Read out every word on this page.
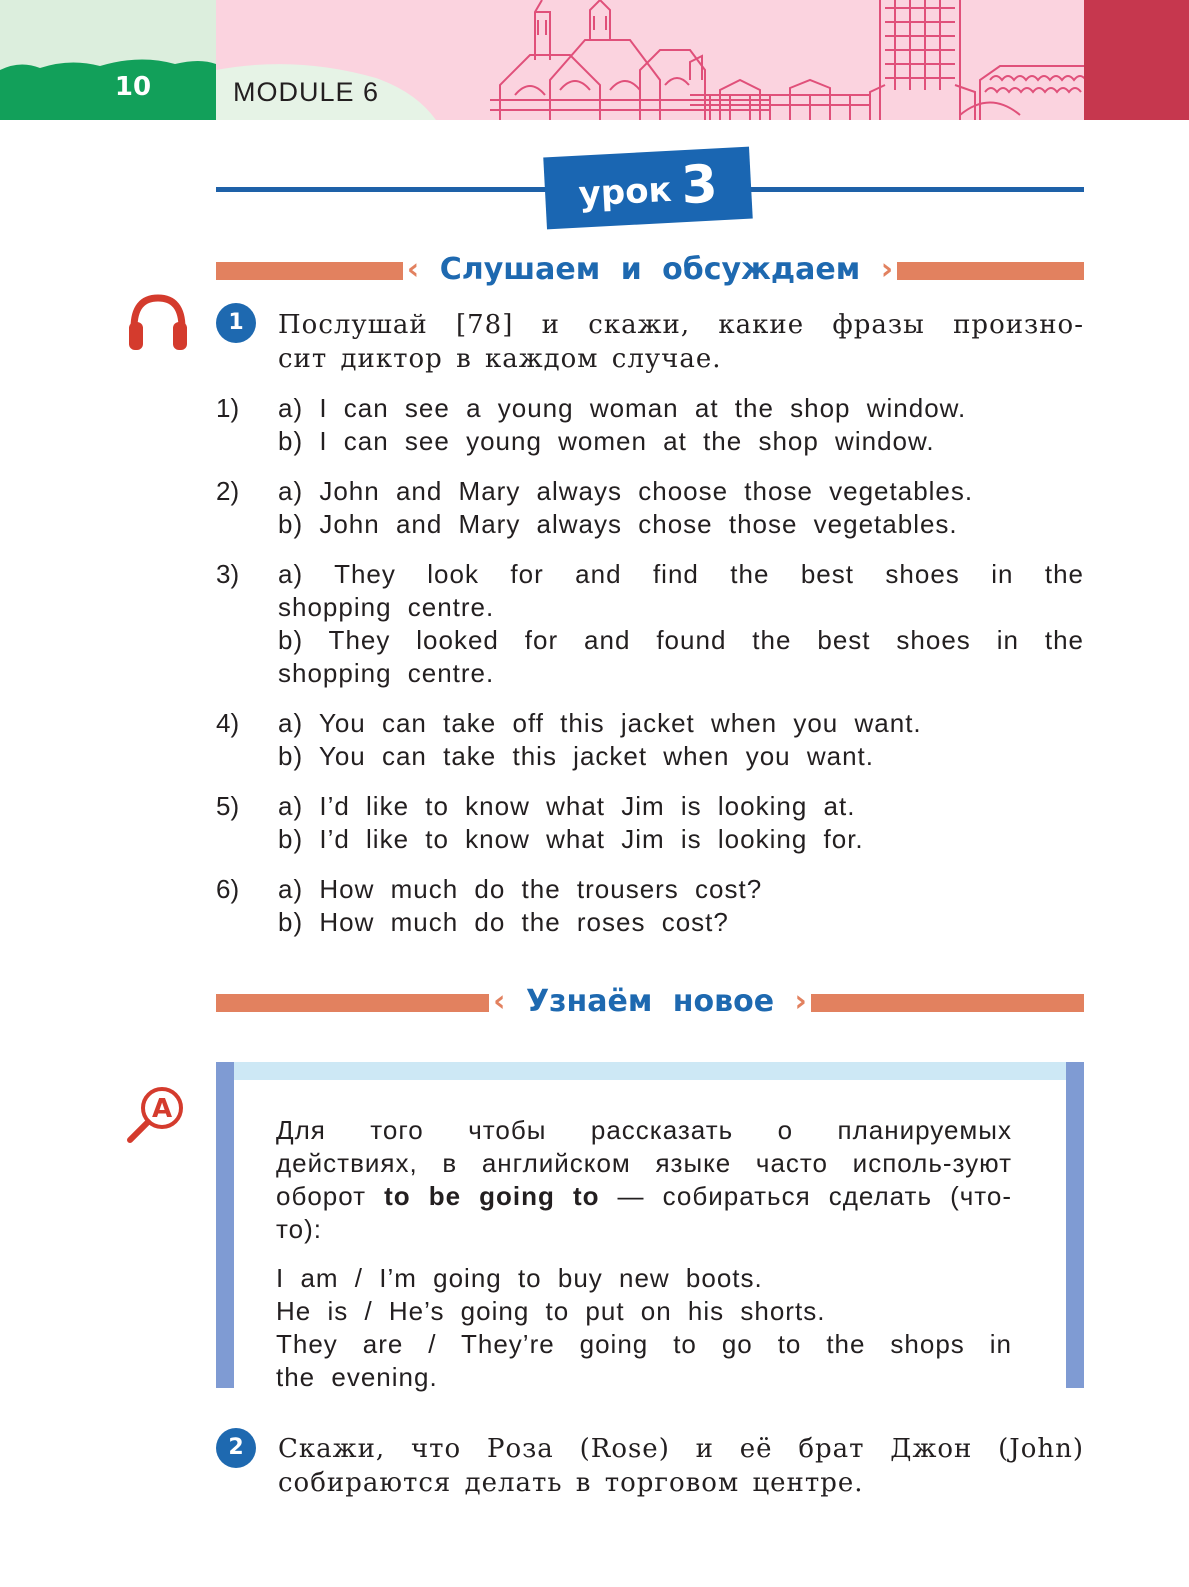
10	MODULE 6
урок 3
‹ Слушаем и обсуждаем ›
1	Послушай [78] и скажи, какие фразы произно-
сит диктор в каждом случае.
1)	a) I can see a young woman at the shop window.
b) I can see young women at the shop window.
2)	a) John and Mary always choose those vegetables.
b) John and Mary always chose those vegetables.
3)	a) They look for and find the best shoes in the
shopping centre.
b) They looked for and found the best shoes in the
shopping centre.
4)	a) You can take off this jacket when you want.
b) You can take this jacket when you want.
5)	a) I’d like to know what Jim is looking at.
b) I’d like to know what Jim is looking for.
6)	a) How much do the trousers cost?
b) How much do the roses cost?
‹ Узнаём новое ›
A
Для того чтобы рассказать о планируемых действиях, в английском языке часто исполь-зуют оборот to be going to — собираться сделать (что-то):
I am / I’m going to buy new boots.
He is / He’s going to put on his shorts.
They are / They’re going to go to the shops in
the evening.
2	Скажи, что Роза (Rose) и её брат Джон (John)
собираются делать в торговом центре.
